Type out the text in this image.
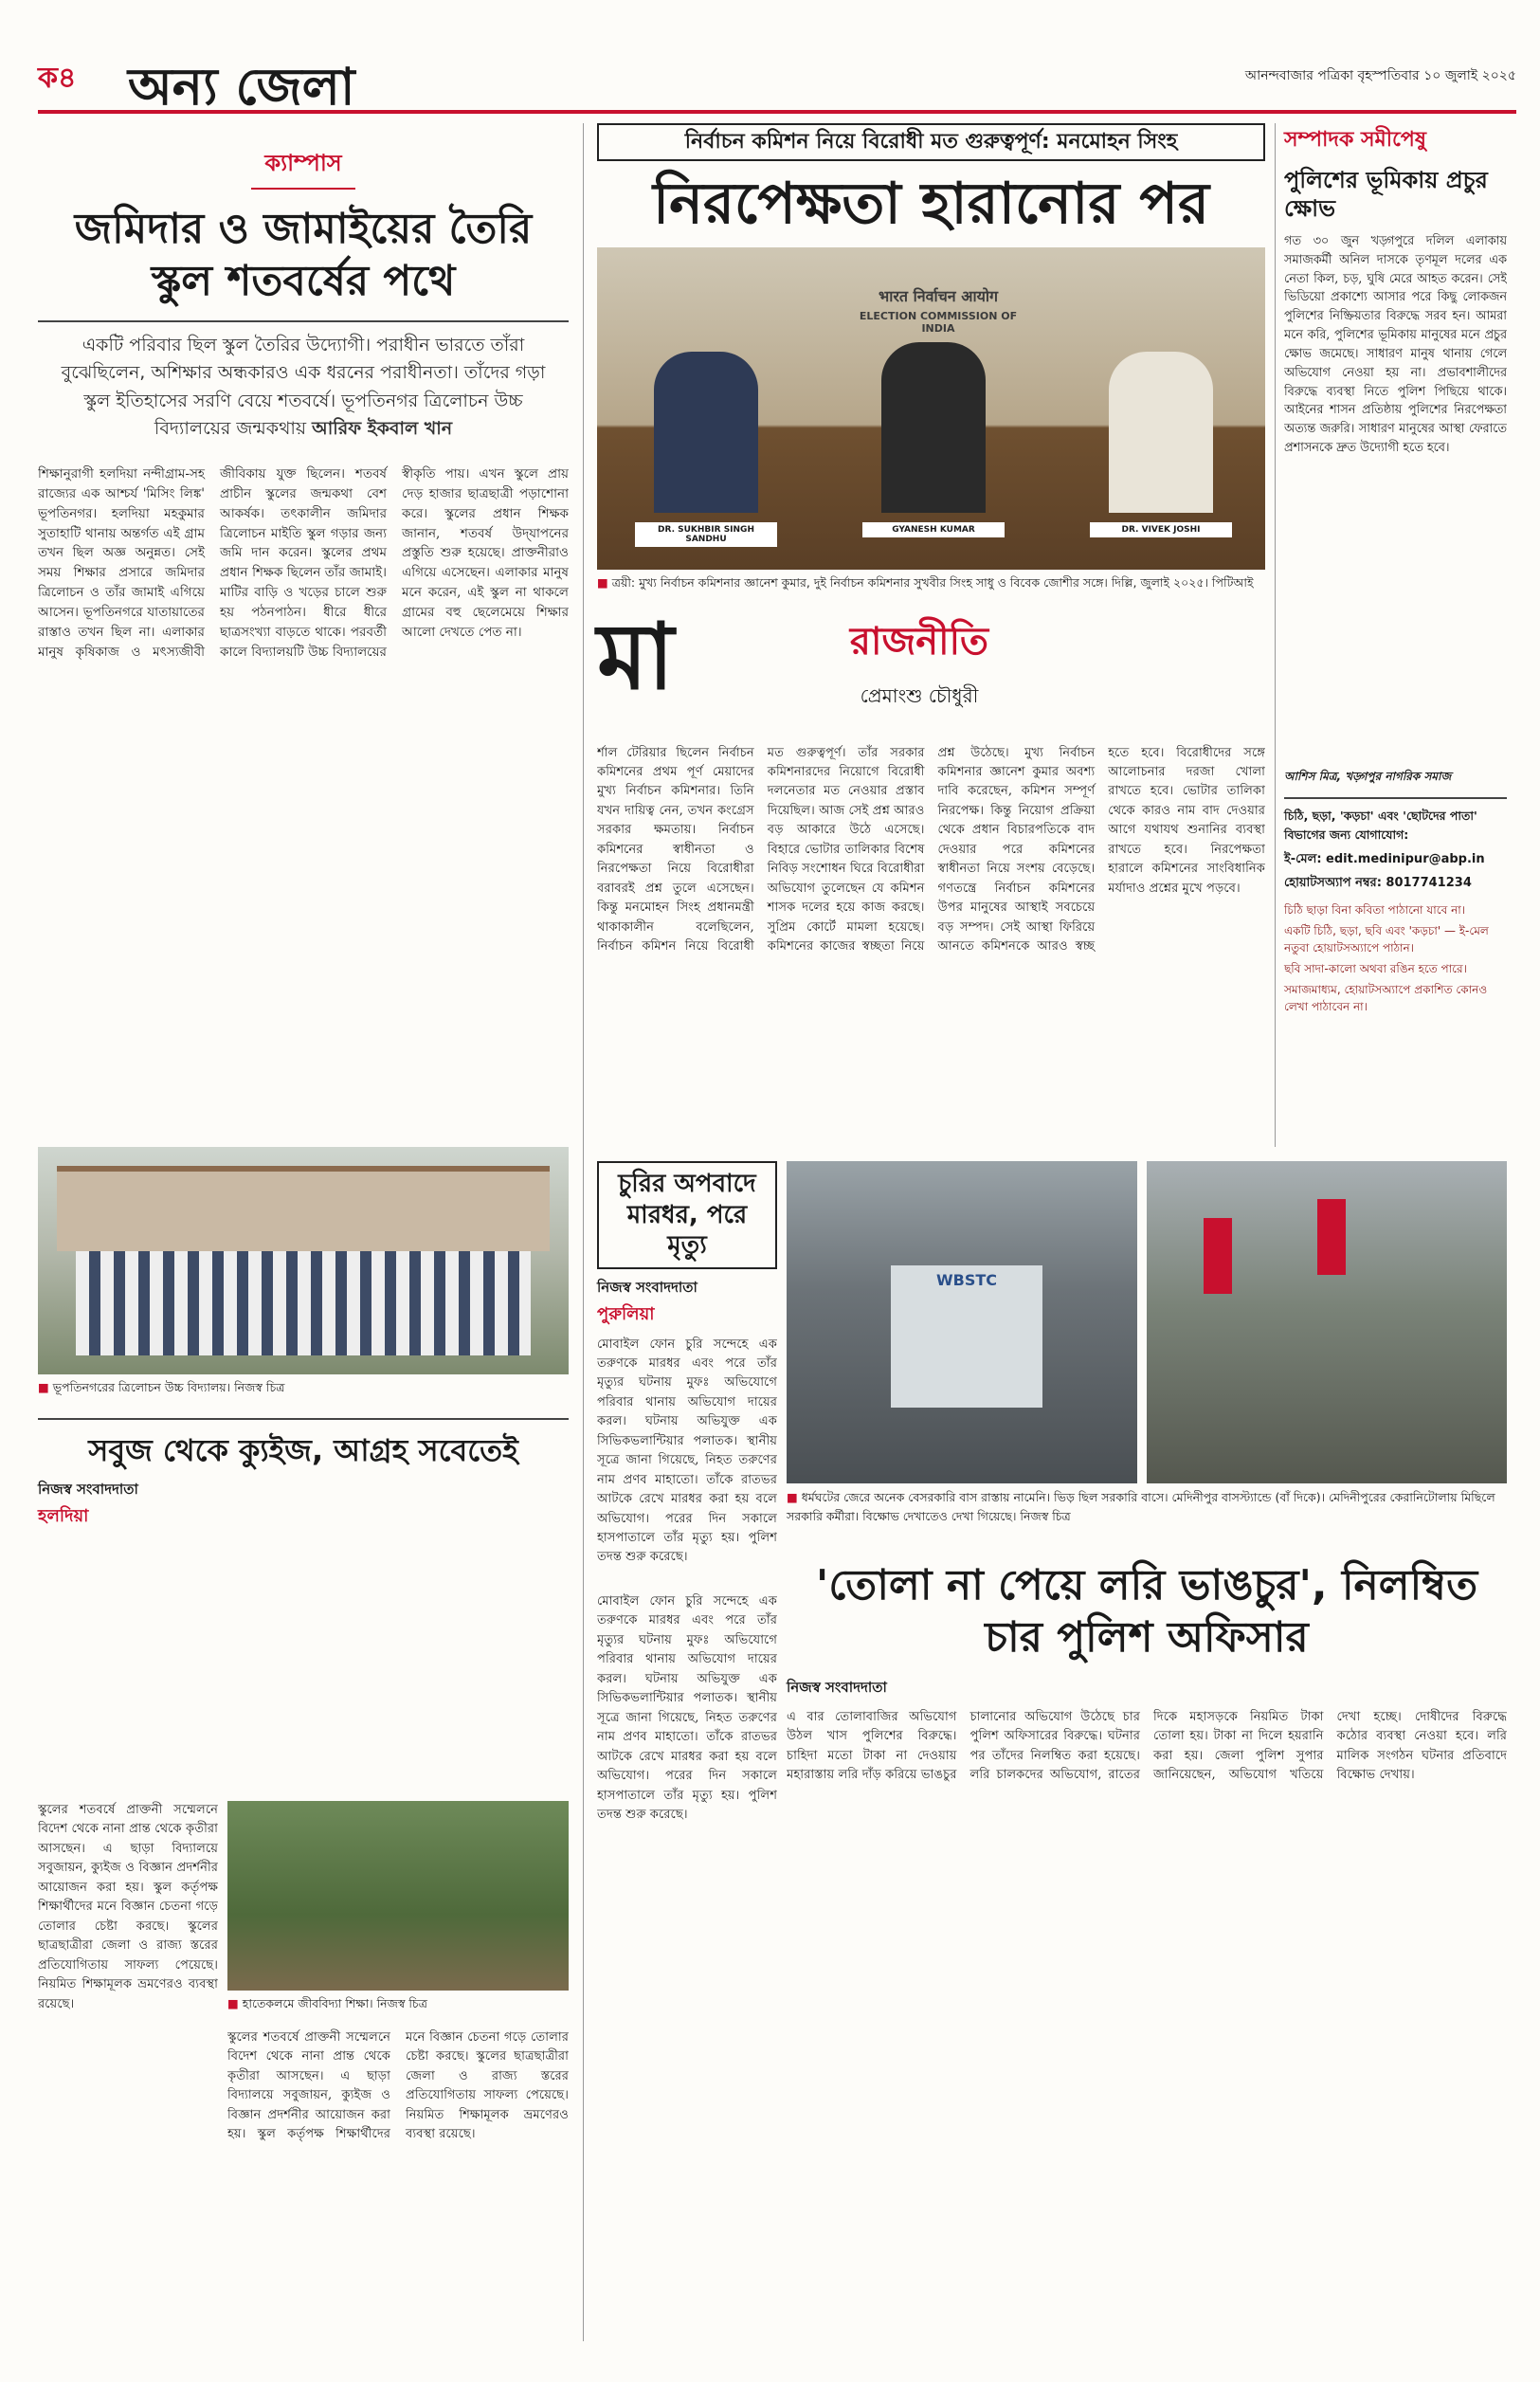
ক৪ অন্য জেলা	আনন্দবাজার পত্রিকা বৃহস্পতিবার ১০ জুলাই ২০২৫
ক্যাম্পাস
জমিদার ও জামাইয়ের তৈরি স্কুল শতবর্ষের পথে
একটি পরিবার ছিল স্কুল তৈরির উদ্যোগী। পরাধীন ভারতে তাঁরা বুঝেছিলেন, অশিক্ষার অন্ধকারও এক ধরনের পরাধীনতা। তাঁদের গড়া স্কুল ইতিহাসের সরণি বেয়ে শতবর্ষে। ভূপতিনগর ত্রিলোচন উচ্চ বিদ্যালয়ের জন্মকথায় আরিফ ইকবাল খান
শিক্ষানুরাগী হলদিয়া নন্দীগ্রাম-সহ রাজ্যের এক আশ্চর্য 'মিসিং লিঙ্ক' ভূপতিনগর। হলদিয়া মহকুমার সুতাহাটি থানায় অন্তর্গত এই গ্রাম তখন ছিল অজ্ঞ অনুন্নত। সেই সময় শিক্ষার প্রসারে জমিদার ত্রিলোচন ও তাঁর জামাই এগিয়ে আসেন। ভূপতিনগরে যাতায়াতের রাস্তাও তখন ছিল না। এলাকার মানুষ কৃষিকাজ ও মৎস্যজীবী জীবিকায় যুক্ত ছিলেন। শতবর্ষ প্রাচীন স্কুলের জন্মকথা বেশ আকর্ষক। তৎকালীন জমিদার ত্রিলোচন মাইতি স্কুল গড়ার জন্য জমি দান করেন। স্কুলের প্রথম প্রধান শিক্ষক ছিলেন তাঁর জামাই। মাটির বাড়ি ও খড়ের চালে শুরু হয় পঠনপাঠন। ধীরে ধীরে ছাত্রসংখ্যা বাড়তে থাকে। পরবর্তী কালে বিদ্যালয়টি উচ্চ বিদ্যালয়ের স্বীকৃতি পায়। এখন স্কুলে প্রায় দেড় হাজার ছাত্রছাত্রী পড়াশোনা করে। স্কুলের প্রধান শিক্ষক জানান, শতবর্ষ উদ্‌যাপনের প্রস্তুতি শুরু হয়েছে। প্রাক্তনীরাও এগিয়ে এসেছেন। এলাকার মানুষ মনে করেন, এই স্কুল না থাকলে গ্রামের বহু ছেলেমেয়ে শিক্ষার আলো দেখতে পেত না।
■ ভূপতিনগরের ত্রিলোচন উচ্চ বিদ্যালয়। নিজস্ব চিত্র
সবুজ থেকে ক্যুইজ, আগ্রহ সবেতেই
নিজস্ব সংবাদদাতা
হলদিয়া
■ হাতেকলমে জীববিদ্যা শিক্ষা। নিজস্ব চিত্র
স্কুলের শতবর্ষে প্রাক্তনী সম্মেলনে বিদেশ থেকে নানা প্রান্ত থেকে কৃতীরা আসছেন। এ ছাড়া বিদ্যালয়ে সবুজায়ন, ক্যুইজ ও বিজ্ঞান প্রদর্শনীর আয়োজন করা হয়। স্কুল কর্তৃপক্ষ শিক্ষার্থীদের মনে বিজ্ঞান চেতনা গড়ে তোলার চেষ্টা করছে। স্কুলের ছাত্রছাত্রীরা জেলা ও রাজ্য স্তরের প্রতিযোগিতায় সাফল্য পেয়েছে। নিয়মিত শিক্ষামূলক ভ্রমণেরও ব্যবস্থা রয়েছে।
স্কুলের শতবর্ষে প্রাক্তনী সম্মেলনে বিদেশ থেকে নানা প্রান্ত থেকে কৃতীরা আসছেন। এ ছাড়া বিদ্যালয়ে সবুজায়ন, ক্যুইজ ও বিজ্ঞান প্রদর্শনীর আয়োজন করা হয়। স্কুল কর্তৃপক্ষ শিক্ষার্থীদের মনে বিজ্ঞান চেতনা গড়ে তোলার চেষ্টা করছে। স্কুলের ছাত্রছাত্রীরা জেলা ও রাজ্য স্তরের প্রতিযোগিতায় সাফল্য পেয়েছে। নিয়মিত শিক্ষামূলক ভ্রমণেরও ব্যবস্থা রয়েছে।
নির্বাচন কমিশন নিয়ে বিরোধী মত গুরুত্বপূর্ণ: মনমোহন সিংহ
নিরপেক্ষতা হারানোর পর
भारत निर्वाचन आयोग
ELECTION COMMISSION OF INDIA
DR. SUKHBIR SINGH SANDHU
GYANESH KUMAR	DR. VIVEK JOSHI
■ ত্রয়ী: মুখ্য নির্বাচন কমিশনার জ্ঞানেশ কুমার, দুই নির্বাচন কমিশনার সুখবীর সিংহ সাধু ও বিবেক জোশীর সঙ্গে। দিল্লি, জুলাই ২০২৫। পিটিআই
মা	রাজনীতি
প্রেমাংশু চৌধুরী
র্শাল টেরিয়ার ছিলেন নির্বাচন কমিশনের প্রথম পূর্ণ মেয়াদের মুখ্য নির্বাচন কমিশনার। তিনি যখন দায়িত্ব নেন, তখন কংগ্রেস সরকার ক্ষমতায়। নির্বাচন কমিশনের স্বাধীনতা ও নিরপেক্ষতা নিয়ে বিরোধীরা বরাবরই প্রশ্ন তুলে এসেছেন। কিন্তু মনমোহন সিংহ প্রধানমন্ত্রী থাকাকালীন বলেছিলেন, নির্বাচন কমিশন নিয়ে বিরোধী মত গুরুত্বপূর্ণ। তাঁর সরকার কমিশনারদের নিয়োগে বিরোধী দলনেতার মত নেওয়ার প্রস্তাব দিয়েছিল। আজ সেই প্রশ্ন আরও বড় আকারে উঠে এসেছে। বিহারে ভোটার তালিকার বিশেষ নিবিড় সংশোধন ঘিরে বিরোধীরা অভিযোগ তুলেছেন যে কমিশন শাসক দলের হয়ে কাজ করছে। সুপ্রিম কোর্টে মামলা হয়েছে। কমিশনের কাজের স্বচ্ছতা নিয়ে প্রশ্ন উঠেছে। মুখ্য নির্বাচন কমিশনার জ্ঞানেশ কুমার অবশ্য দাবি করেছেন, কমিশন সম্পূর্ণ নিরপেক্ষ। কিন্তু নিয়োগ প্রক্রিয়া থেকে প্রধান বিচারপতিকে বাদ দেওয়ার পরে কমিশনের স্বাধীনতা নিয়ে সংশয় বেড়েছে। গণতন্ত্রে নির্বাচন কমিশনের উপর মানুষের আস্থাই সবচেয়ে বড় সম্পদ। সেই আস্থা ফিরিয়ে আনতে কমিশনকে আরও স্বচ্ছ হতে হবে। বিরোধীদের সঙ্গে আলোচনার দরজা খোলা রাখতে হবে। ভোটার তালিকা থেকে কারও নাম বাদ দেওয়ার আগে যথাযথ শুনানির ব্যবস্থা রাখতে হবে। নিরপেক্ষতা হারালে কমিশনের সাংবিধানিক মর্যাদাও প্রশ্নের মুখে পড়বে।
চুরির অপবাদে মারধর, পরে মৃত্যু
নিজস্ব সংবাদদাতা
পুরুলিয়া
মোবাইল ফোন চুরি সন্দেহে এক তরুণকে মারধর এবং পরে তাঁর মৃত্যুর ঘটনায় মুফঃ অভিযোগে পরিবার থানায় অভিযোগ দায়ের করল। ঘটনায় অভিযুক্ত এক সিভিকভলান্টিয়ার পলাতক। স্থানীয় সূত্রে জানা গিয়েছে, নিহত তরুণের নাম প্রণব মাহাতো। তাঁকে রাতভর আটকে রেখে মারধর করা হয় বলে অভিযোগ। পরের দিন সকালে হাসপাতালে তাঁর মৃত্যু হয়। পুলিশ তদন্ত শুরু করেছে।
WBSTC
■ ধর্মঘটের জেরে অনেক বেসরকারি বাস রাস্তায় নামেনি। ভিড় ছিল সরকারি বাসে। মেদিনীপুর বাসস্ট্যান্ডে (বাঁ দিকে)। মেদিনীপুরের কেরানিটোলায় মিছিলে সরকারি কর্মীরা। বিক্ষোভ দেখাতেও দেখা গিয়েছে। নিজস্ব চিত্র
'তোলা না পেয়ে লরি ভাঙচুর', নিলম্বিত চার পুলিশ অফিসার
নিজস্ব সংবাদদাতা
এ বার তোলাবাজির অভিযোগ উঠল খাস পুলিশের বিরুদ্ধে। চাহিদা মতো টাকা না দেওয়ায় মহারাস্তায় লরি দাঁড় করিয়ে ভাঙচুর চালানোর অভিযোগ উঠেছে চার পুলিশ অফিসারের বিরুদ্ধে। ঘটনার পর তাঁদের নিলম্বিত করা হয়েছে। লরি চালকদের অভিযোগ, রাতের দিকে মহাসড়কে নিয়মিত টাকা তোলা হয়। টাকা না দিলে হয়রানি করা হয়। জেলা পুলিশ সুপার জানিয়েছেন, অভিযোগ খতিয়ে দেখা হচ্ছে। দোষীদের বিরুদ্ধে কঠোর ব্যবস্থা নেওয়া হবে। লরি মালিক সংগঠন ঘটনার প্রতিবাদে বিক্ষোভ দেখায়।
মোবাইল ফোন চুরি সন্দেহে এক তরুণকে মারধর এবং পরে তাঁর মৃত্যুর ঘটনায় মুফঃ অভিযোগে পরিবার থানায় অভিযোগ দায়ের করল। ঘটনায় অভিযুক্ত এক সিভিকভলান্টিয়ার পলাতক। স্থানীয় সূত্রে জানা গিয়েছে, নিহত তরুণের নাম প্রণব মাহাতো। তাঁকে রাতভর আটকে রেখে মারধর করা হয় বলে অভিযোগ। পরের দিন সকালে হাসপাতালে তাঁর মৃত্যু হয়। পুলিশ তদন্ত শুরু করেছে।
সম্পাদক সমীপেষু
পুলিশের ভূমিকায় প্রচুর ক্ষোভ
গত ৩০ জুন খড়্গপুরে দলিল এলাকায় সমাজকর্মী অনিল দাসকে তৃণমূল দলের এক নেতা কিল, চড়, ঘুষি মেরে আহত করেন। সেই ভিডিয়ো প্রকাশ্যে আসার পরে কিছু লোকজন পুলিশের নিষ্ক্রিয়তার বিরুদ্ধে সরব হন। আমরা মনে করি, পুলিশের ভূমিকায় মানুষের মনে প্রচুর ক্ষোভ জমেছে। সাধারণ মানুষ থানায় গেলে অভিযোগ নেওয়া হয় না। প্রভাবশালীদের বিরুদ্ধে ব্যবস্থা নিতে পুলিশ পিছিয়ে থাকে। আইনের শাসন প্রতিষ্ঠায় পুলিশের নিরপেক্ষতা অত্যন্ত জরুরি। সাধারণ মানুষের আস্থা ফেরাতে প্রশাসনকে দ্রুত উদ্যোগী হতে হবে।
আশিস মিত্র, খড়্গপুর নাগরিক সমাজ
চিঠি, ছড়া, 'কড়চা' এবং 'ছোটদের পাতা' বিভাগের জন্য যোগাযোগ:
ই-মেল: edit.medinipur@abp.in
হোয়াটসঅ্যাপ নম্বর: 8017741234
চিঠি ছাড়া বিনা কবিতা পাঠানো যাবে না।
একটি চিঠি, ছড়া, ছবি এবং 'কড়চা' — ই-মেল নতুবা হোয়াটসঅ্যাপে পাঠান।
ছবি সাদা-কালো অথবা রঙিন হতে পারে।
সমাজমাধ্যম, হোয়াটসঅ্যাপে প্রকাশিত কোনও লেখা পাঠাবেন না।
